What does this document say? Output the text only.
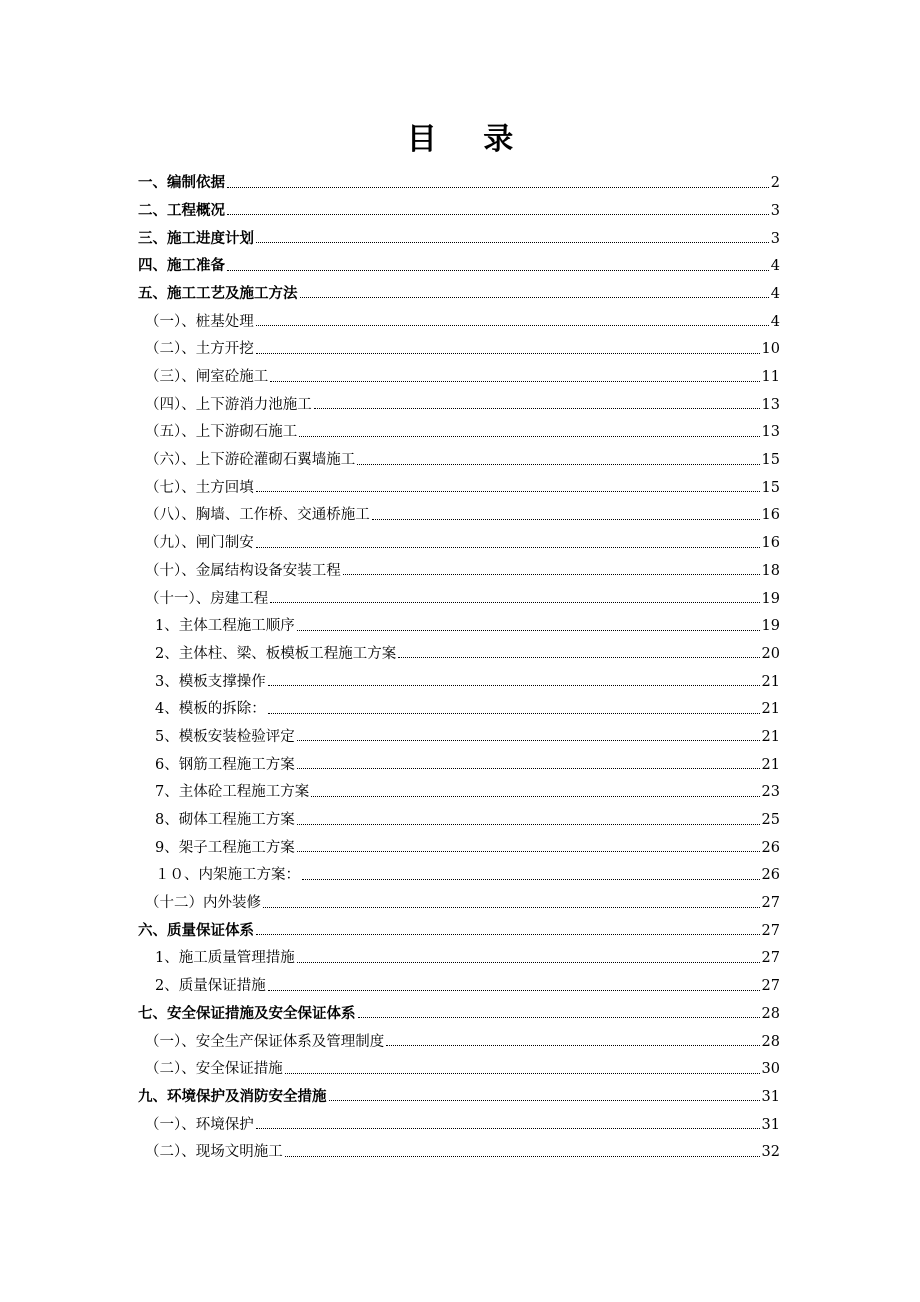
目 录
一、编制依据	2
二、工程概况	3
三、施工进度计划	3
四、施工准备	4
五、施工工艺及施工方法	4
（一）、桩基处理	4
（二）、土方开挖	10
（三）、闸室砼施工	11
（四）、上下游消力池施工	13
（五）、上下游砌石施工	13
（六）、上下游砼灌砌石翼墙施工	15
（七）、土方回填	15
（八）、胸墙、工作桥、交通桥施工	16
（九）、闸门制安	16
（十）、金属结构设备安装工程	18
（十一）、房建工程	19
1、主体工程施工顺序	19
2、主体柱、梁、板模板工程施工方案	20
3、模板支撑操作	21
4、模板的拆除：	21
5、模板安装检验评定	21
6、钢筋工程施工方案	21
7、主体砼工程施工方案	23
8、砌体工程施工方案	25
9、架子工程施工方案	26
１０、内架施工方案：	26
（十二）内外装修	27
六、质量保证体系	27
1、施工质量管理措施	27
2、质量保证措施	27
七、安全保证措施及安全保证体系	28
（一）、安全生产保证体系及管理制度	28
（二）、安全保证措施	30
九、环境保护及消防安全措施	31
（一）、环境保护	31
（二）、现场文明施工	32
